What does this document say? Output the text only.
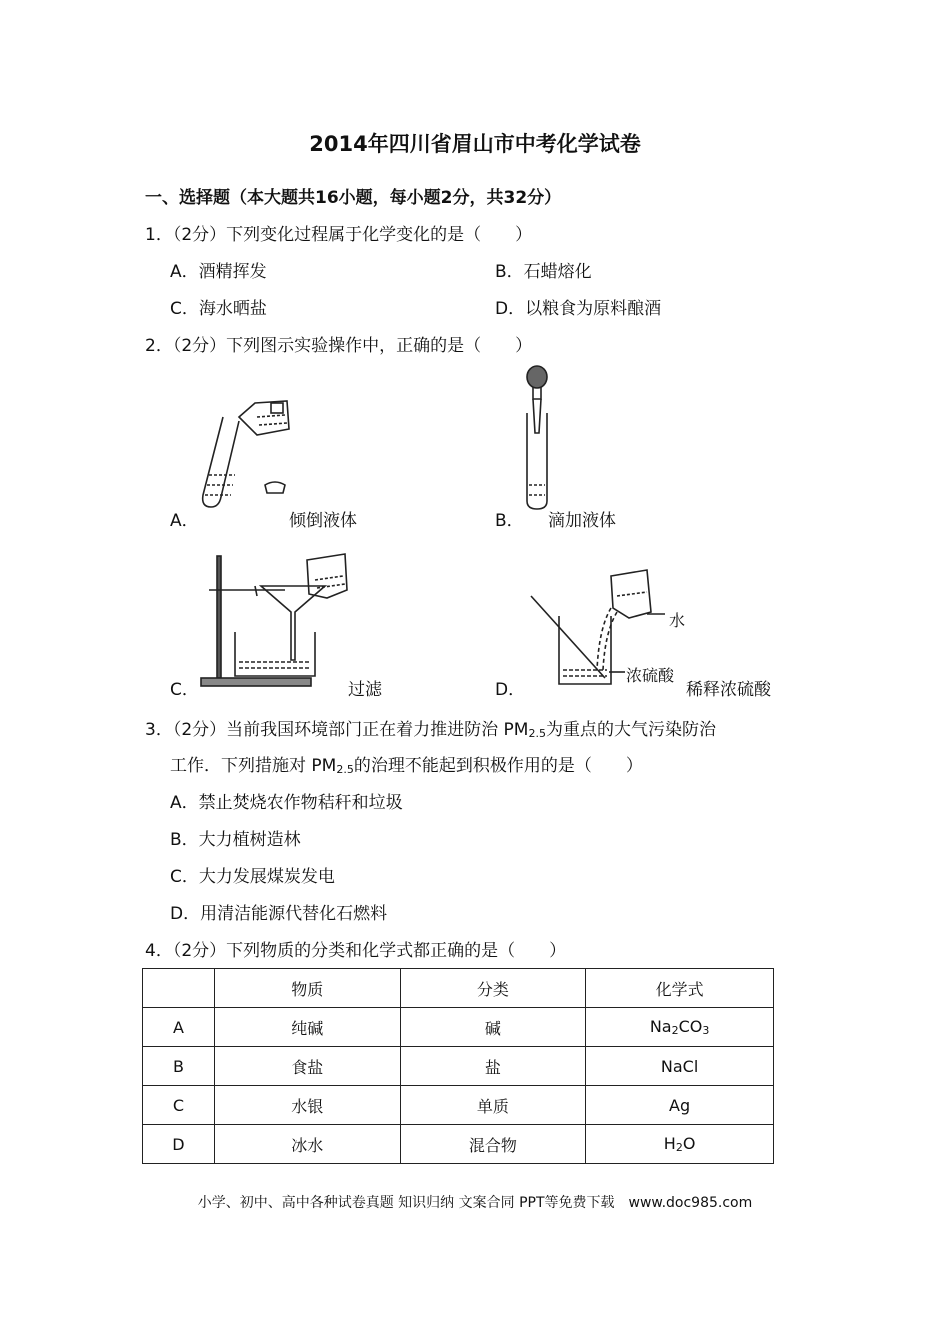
2014年四川省眉山市中考化学试卷
一、选择题（本大题共16小题，每小题2分，共32分）
1．（2分）下列变化过程属于化学变化的是（　　）
A．酒精挥发	B．石蜡熔化
C．海水晒盐	D．以粮食为原料酿酒
2．（2分）下列图示实验操作中，正确的是（　　）
A．	倾倒液体	B． 滴加液体
C．	过滤
水
浓硫酸
D．	稀释浓硫酸
3．（2分）当前我国环境部门正在着力推进防治 PM2.5为重点的大气污染防治
工作．下列措施对 PM2.5的治理不能起到积极作用的是（　　）
A．禁止焚烧农作物秸秆和垃圾
B．大力植树造林
C．大力发展煤炭发电
D．用清洁能源代替化石燃料
4．（2分）下列物质的分类和化学式都正确的是（　　）
	物质	分类	化学式
A	纯碱	碱	Na2CO3
B	食盐	盐	NaCl
C	水银	单质	Ag
D	冰水	混合物	H2O
小学、初中、高中各种试卷真题 知识归纳 文案合同 PPT等免费下载　www.doc985.com
